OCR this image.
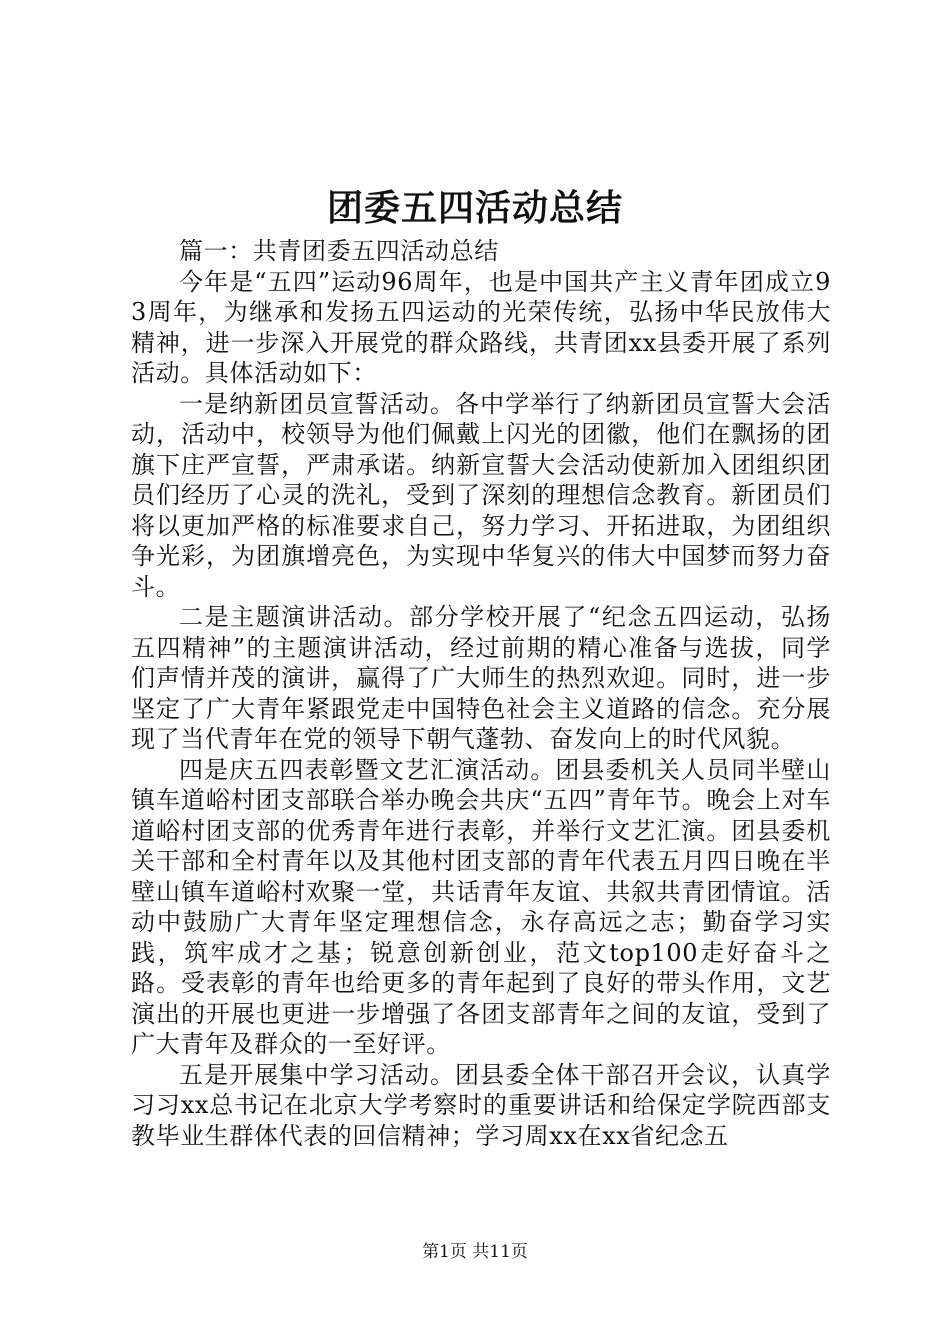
团委五四活动总结

篇一：共青团委五四活动总结

今年是“五四”运动96周年，也是中国共产主义青年团成立93周年，为继承和发扬五四运动的光荣传统，弘扬中华民放伟大精神，进一步深入开展党的群众路线，共青团xx县委开展了系列活动。具体活动如下：

一是纳新团员宣誓活动。各中学举行了纳新团员宣誓大会活动，活动中，校领导为他们佩戴上闪光的团徽，他们在飘扬的团旗下庄严宣誓，严肃承诺。纳新宣誓大会活动使新加入团组织团员们经历了心灵的洗礼，受到了深刻的理想信念教育。新团员们将以更加严格的标准要求自己，努力学习、开拓进取，为团组织争光彩，为团旗增亮色，为实现中华复兴的伟大中国梦而努力奋斗。

二是主题演讲活动。部分学校开展了“纪念五四运动，弘扬五四精神”的主题演讲活动，经过前期的精心准备与选拔，同学们声情并茂的演讲，赢得了广大师生的热烈欢迎。同时，进一步坚定了广大青年紧跟党走中国特色社会主义道路的信念。充分展现了当代青年在党的领导下朝气蓬勃、奋发向上的时代风貌。

四是庆五四表彰暨文艺汇演活动。团县委机关人员同半壁山镇车道峪村团支部联合举办晚会共庆“五四”青年节。晚会上对车道峪村团支部的优秀青年进行表彰，并举行文艺汇演。团县委机关干部和全村青年以及其他村团支部的青年代表五月四日晚在半壁山镇车道峪村欢聚一堂，共话青年友谊、共叙共青团情谊。活动中鼓励广大青年坚定理想信念，永存高远之志；勤奋学习实践，筑牢成才之基；锐意创新创业，范文top100走好奋斗之路。受表彰的青年也给更多的青年起到了良好的带头作用，文艺演出的开展也更进一步增强了各团支部青年之间的友谊，受到了广大青年及群众的一至好评。

五是开展集中学习活动。团县委全体干部召开会议，认真学习习xx总书记在北京大学考察时的重要讲话和给保定学院西部支教毕业生群体代表的回信精神；学习周xx在xx省纪念五

第1页 共11页
